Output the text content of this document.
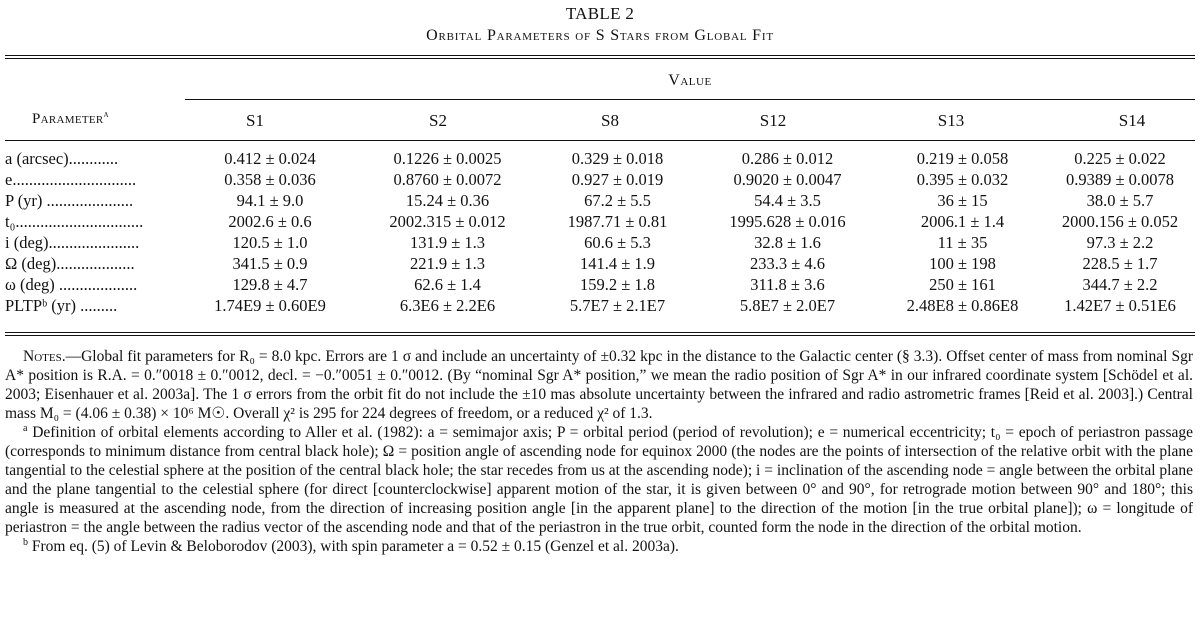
TABLE 2
Orbital Parameters of S Stars from Global Fit
Value
Parameter$^a$	S1	S2	S8	S12	S13	S14
a (arcsec)............	0.412 ± 0.024	0.1226 ± 0.0025	0.329 ± 0.018	0.286 ± 0.012	0.219 ± 0.058	0.225 ± 0.022
e..............................	0.358 ± 0.036	0.8760 ± 0.0072	0.927 ± 0.019	0.9020 ± 0.0047	0.395 ± 0.032	0.9389 ± 0.0078
P (yr) .....................	94.1 ± 9.0	15.24 ± 0.36	67.2 ± 5.5	54.4 ± 3.5	36 ± 15	38.0 ± 5.7
t₀...............................	2002.6 ± 0.6	2002.315 ± 0.012	1987.71 ± 0.81	1995.628 ± 0.016	2006.1 ± 1.4	2000.156 ± 0.052
i (deg)......................	120.5 ± 1.0	131.9 ± 1.3	60.6 ± 5.3	32.8 ± 1.6	11 ± 35	97.3 ± 2.2
Ω (deg)...................	341.5 ± 0.9	221.9 ± 1.3	141.4 ± 1.9	233.3 ± 4.6	100 ± 198	228.5 ± 1.7
ω (deg) ...................	129.8 ± 4.7	62.6 ± 1.4	159.2 ± 1.8	311.8 ± 3.6	250 ± 161	344.7 ± 2.2
PLTPᵇ (yr) .........	1.74E9 ± 0.60E9	6.3E6 ± 2.2E6	5.7E7 ± 2.1E7	5.8E7 ± 2.0E7	2.48E8 ± 0.86E8	1.42E7 ± 0.51E6

Notes.—Global fit parameters for R₀ = 8.0 kpc. Errors are 1 σ and include an uncertainty of ±0.32 kpc in the distance to the Galactic center (§ 3.3). Offset center of mass from nominal Sgr A* position is R.A. = 0.″0018 ± 0.″0012, decl. = −0.″0051 ± 0.″0012. (By “nominal Sgr A* position,” we mean the radio position of Sgr A* in our infrared coordinate system [Schödel et al. 2003; Eisenhauer et al. 2003a]. The 1 σ errors from the orbit fit do not include the ±10 mas absolute uncertainty between the infrared and radio astrometric frames [Reid et al. 2003].) Central mass M₀ = (4.06 ± 0.38) × 10⁶ M☉. Overall χ² is 295 for 224 degrees of freedom, or a reduced χ² of 1.3.

$^a$ Definition of orbital elements according to Aller et al. (1982): a = semimajor axis; P = orbital period (period of revolution); e = numerical eccentricity; t₀ = epoch of periastron passage (corresponds to minimum distance from central black hole); Ω = position angle of ascending node for equinox 2000 (the nodes are the points of intersection of the relative orbit with the plane tangential to the celestial sphere at the position of the central black hole; the star recedes from us at the ascending node); i = inclination of the ascending node = angle between the orbital plane and the plane tangential to the celestial sphere (for direct [counterclockwise] apparent motion of the star, it is given between 0° and 90°, for retrograde motion between 90° and 180°; this angle is measured at the ascending node, from the direction of increasing position angle [in the apparent plane] to the direction of the motion [in the true orbital plane]); ω = longitude of periastron = the angle between the radius vector of the ascending node and that of the periastron in the true orbit, counted form the node in the direction of the orbital motion.

$^b$ From eq. (5) of Levin & Beloborodov (2003), with spin parameter a = 0.52 ± 0.15 (Genzel et al. 2003a).
